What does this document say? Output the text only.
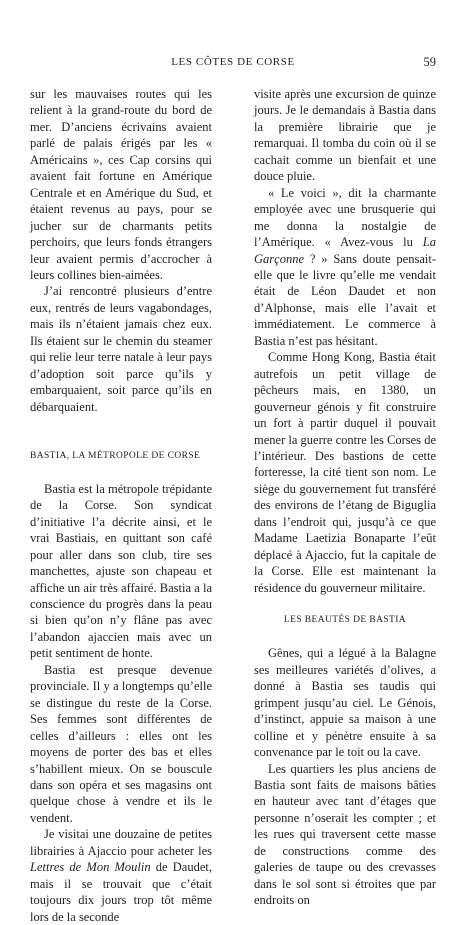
LES CÔTES DE CORSE	59

sur les mauvaises routes qui les relient à la grand-route du bord de mer. D’anciens écrivains avaient parlé de palais érigés par les « Américains », ces Cap corsins qui avaient fait fortune en Amérique Centrale et en Amérique du Sud, et étaient revenus au pays, pour se jucher sur de charmants petits perchoirs, que leurs fonds étrangers leur avaient permis d’accrocher à leurs collines bien-aimées.

J’ai rencontré plusieurs d’entre eux, rentrés de leurs vagabondages, mais ils n’étaient jamais chez eux. Ils étaient sur le chemin du steamer qui relie leur terre natale à leur pays d’adoption soit parce qu’ils y embarquaient, soit parce qu’ils en débarquaient.

BASTIA, LA MÉTROPOLE DE CORSE

Bastia est la métropole trépidante de la Corse. Son syndicat d’initiative l’a décrite ainsi, et le vrai Bastiais, en quittant son café pour aller dans son club, tire ses manchettes, ajuste son chapeau et affiche un air très affairé. Bastia a la conscience du progrès dans la peau si bien qu’on n’y flâne pas avec l’abandon ajaccien mais avec un petit sentiment de honte.

Bastia est presque devenue provinciale. Il y a longtemps qu’elle se distingue du reste de la Corse. Ses femmes sont différentes de celles d’ailleurs : elles ont les moyens de porter des bas et elles s’habillent mieux. On se bouscule dans son opéra et ses magasins ont quelque chose à vendre et ils le vendent.

Je visitai une douzaine de petites librairies à Ajaccio pour acheter les Lettres de Mon Moulin de Daudet, mais il se trouvait que c’était toujours dix jours trop tôt même lors de la seconde

visite après une excursion de quinze jours. Je le demandais à Bastia dans la première librairie que je remarquai. Il tomba du coin où il se cachait comme un bienfait et une douce pluie.

« Le voici », dit la charmante employée avec une brusquerie qui me donna la nostalgie de l’Amérique. « Avez-vous lu La Garçonne ? » Sans doute pensait-elle que le livre qu’elle me vendait était de Léon Daudet et non d’Alphonse, mais elle l’avait et immédiatement. Le commerce à Bastia n’est pas hésitant.

Comme Hong Kong, Bastia était autrefois un petit village de pêcheurs mais, en 1380, un gouverneur génois y fit construire un fort à partir duquel il pouvait mener la guerre contre les Corses de l’intérieur. Des bastions de cette forteresse, la cité tient son nom. Le siège du gouvernement fut transféré des environs de l’étang de Biguglia dans l’endroit qui, jusqu’à ce que Madame Laetizia Bonaparte l’eût déplacé à Ajaccio, fut la capitale de la Corse. Elle est maintenant la résidence du gouverneur militaire.

LES BEAUTÉS DE BASTIA

Gênes, qui a légué à la Balagne ses meilleures variétés d’olives, a donné à Bastia ses taudis qui grimpent jusqu’au ciel. Le Génois, d’instinct, appuie sa maison à une colline et y pénètre ensuite à sa convenance par le toit ou la cave.

Les quartiers les plus anciens de Bastia sont faits de maisons bâties en hauteur avec tant d’étages que personne n’oserait les compter ; et les rues qui traversent cette masse de constructions comme des galeries de taupe ou des crevasses dans le sol sont si étroites que par endroits on
